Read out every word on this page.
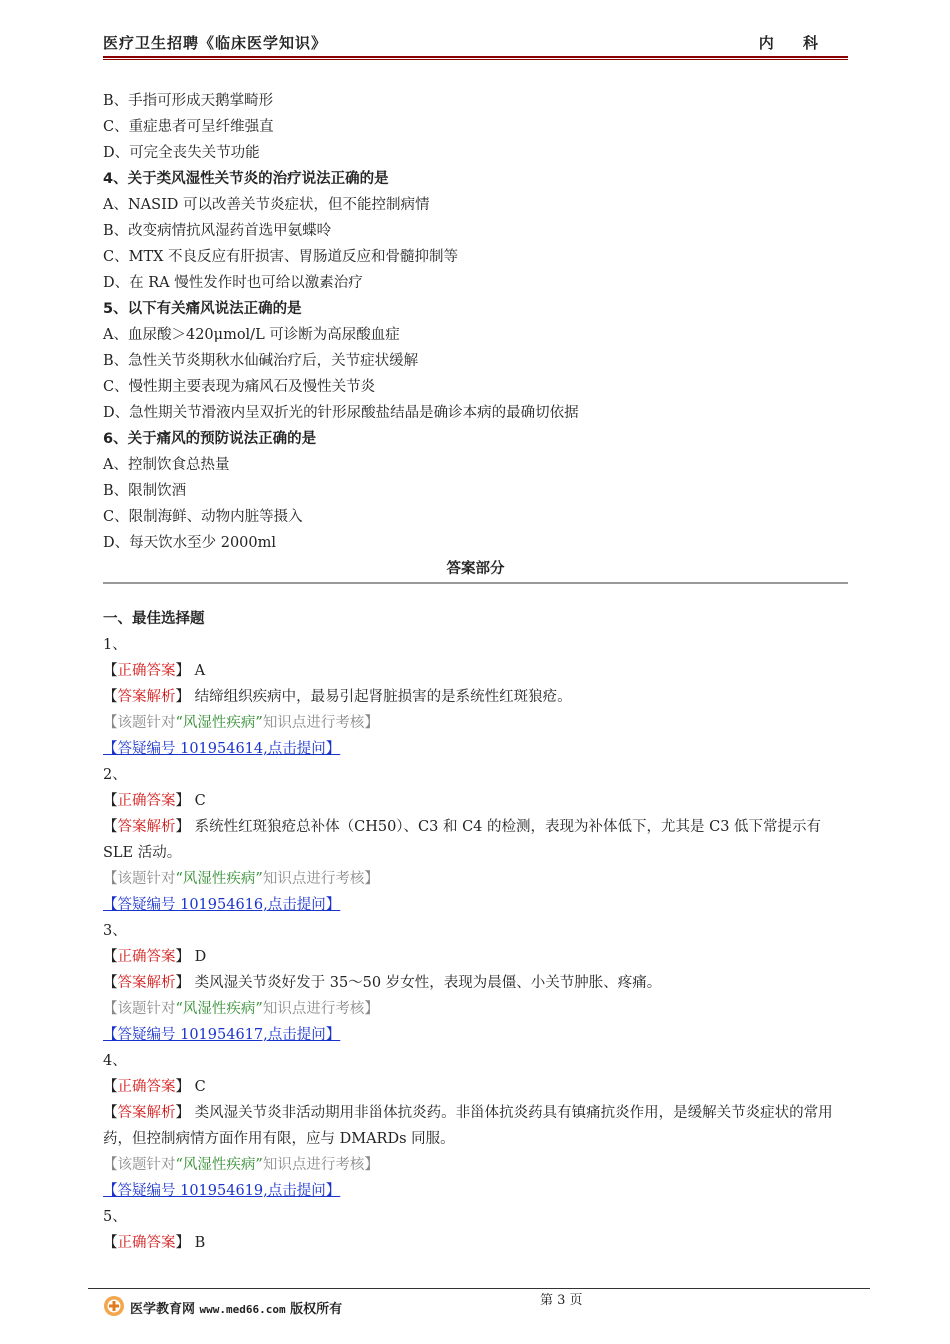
医疗卫生招聘《临床医学知识》	内 科
B、手指可形成天鹅掌畸形
C、重症患者可呈纤维强直
D、可完全丧失关节功能
4、关于类风湿性关节炎的治疗说法正确的是
A、NASID 可以改善关节炎症状，但不能控制病情
B、改变病情抗风湿药首选甲氨蝶呤
C、MTX 不良反应有肝损害、胃肠道反应和骨髓抑制等
D、在 RA 慢性发作时也可给以激素治疗
5、以下有关痛风说法正确的是
A、血尿酸＞420μmol/L 可诊断为高尿酸血症
B、急性关节炎期秋水仙碱治疗后，关节症状缓解
C、慢性期主要表现为痛风石及慢性关节炎
D、急性期关节滑液内呈双折光的针形尿酸盐结晶是确诊本病的最确切依据
6、关于痛风的预防说法正确的是
A、控制饮食总热量
B、限制饮酒
C、限制海鲜、动物内脏等摄入
D、每天饮水至少 2000ml
答案部分
一、最佳选择题
1、
【正确答案】 A
【答案解析】 结缔组织疾病中，最易引起肾脏损害的是系统性红斑狼疮。
【该题针对“风湿性疾病”知识点进行考核】
【答疑编号 101954614,点击提问】
2、
【正确答案】 C
【答案解析】 系统性红斑狼疮总补体（CH50）、C3 和 C4 的检测，表现为补体低下，尤其是 C3 低下常提示有 SLE 活动。
【该题针对“风湿性疾病”知识点进行考核】
【答疑编号 101954616,点击提问】
3、
【正确答案】 D
【答案解析】 类风湿关节炎好发于 35～50 岁女性，表现为晨僵、小关节肿胀、疼痛。
【该题针对“风湿性疾病”知识点进行考核】
【答疑编号 101954617,点击提问】
4、
【正确答案】 C
【答案解析】 类风湿关节炎非活动期用非甾体抗炎药。非甾体抗炎药具有镇痛抗炎作用，是缓解关节炎症状的常用药，但控制病情方面作用有限，应与 DMARDs 同服。
【该题针对“风湿性疾病”知识点进行考核】
【答疑编号 101954619,点击提问】
5、
【正确答案】 B
第 3 页
医学教育网 www.med66.com 版权所有
